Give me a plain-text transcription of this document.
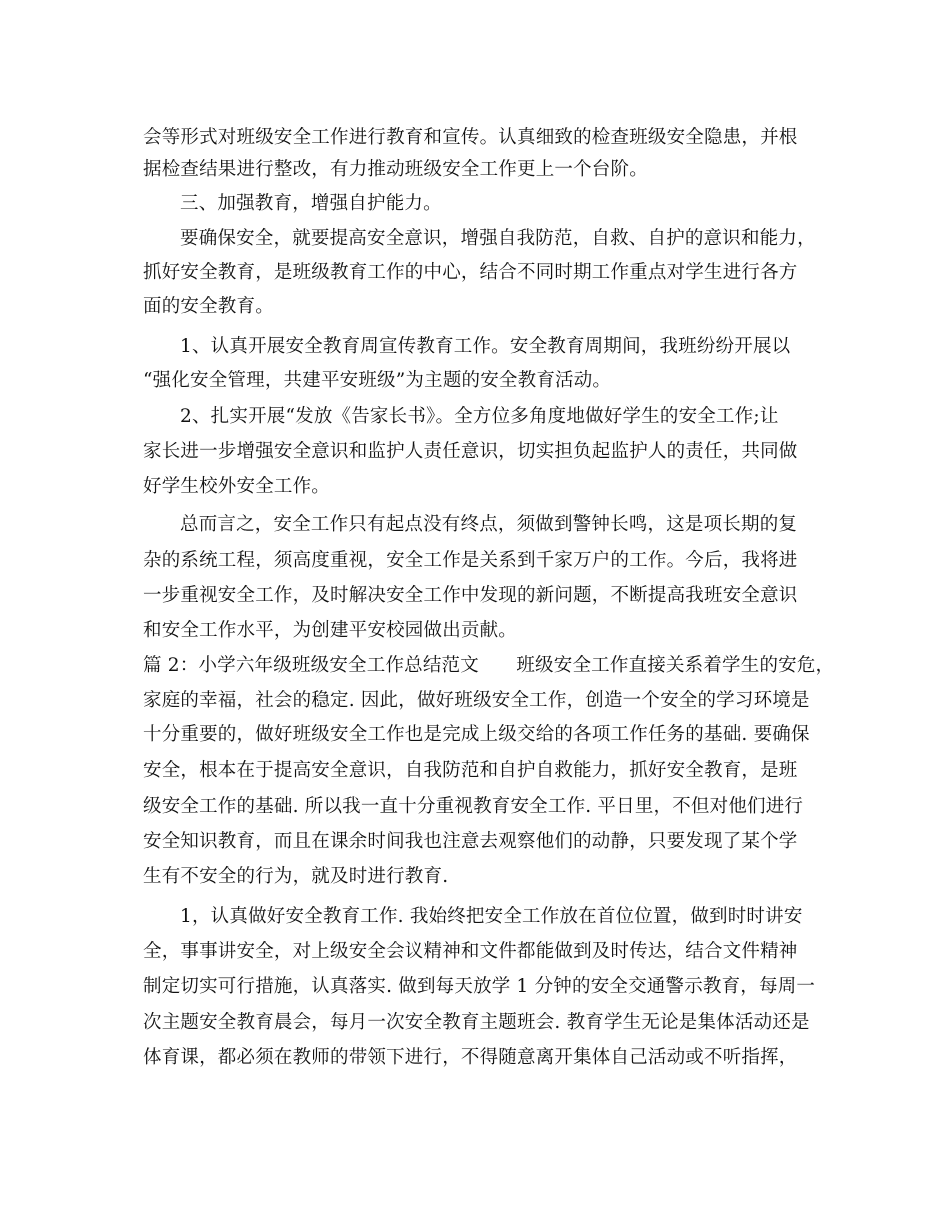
会等形式对班级安全工作进行教育和宣传。认真细致的检查班级安全隐患，并根
据检查结果进行整改，有力推动班级安全工作更上一个台阶。
三、加强教育，增强自护能力。
要确保安全，就要提高安全意识，增强自我防范，自救、自护的意识和能力，
抓好安全教育，是班级教育工作的中心，结合不同时期工作重点对学生进行各方
面的安全教育。
1、认真开展安全教育周宣传教育工作。安全教育周期间，我班纷纷开展以
“强化安全管理，共建平安班级”为主题的安全教育活动。
2、扎实开展“发放《告家长书》。全方位多角度地做好学生的安全工作;让
家长进一步增强安全意识和监护人责任意识，切实担负起监护人的责任，共同做
好学生校外安全工作。
总而言之，安全工作只有起点没有终点，须做到警钟长鸣，这是项长期的复
杂的系统工程，须高度重视，安全工作是关系到千家万户的工作。今后，我将进
一步重视安全工作，及时解决安全工作中发现的新问题，不断提高我班安全意识
和安全工作水平，为创建平安校园做出贡献。
篇 2：小学六年级班级安全工作总结范文　　班级安全工作直接关系着学生的安危，
家庭的幸福，社会的稳定. 因此，做好班级安全工作，创造一个安全的学习环境是
十分重要的，做好班级安全工作也是完成上级交给的各项工作任务的基础. 要确保
安全，根本在于提高安全意识，自我防范和自护自救能力，抓好安全教育，是班
级安全工作的基础. 所以我一直十分重视教育安全工作. 平日里，不但对他们进行
安全知识教育，而且在课余时间我也注意去观察他们的动静，只要发现了某个学
生有不安全的行为，就及时进行教育.
1，认真做好安全教育工作. 我始终把安全工作放在首位位置，做到时时讲安
全，事事讲安全，对上级安全会议精神和文件都能做到及时传达，结合文件精神
制定切实可行措施，认真落实. 做到每天放学 1 分钟的安全交通警示教育，每周一
次主题安全教育晨会，每月一次安全教育主题班会. 教育学生无论是集体活动还是
体育课，都必须在教师的带领下进行，不得随意离开集体自己活动或不听指挥，
